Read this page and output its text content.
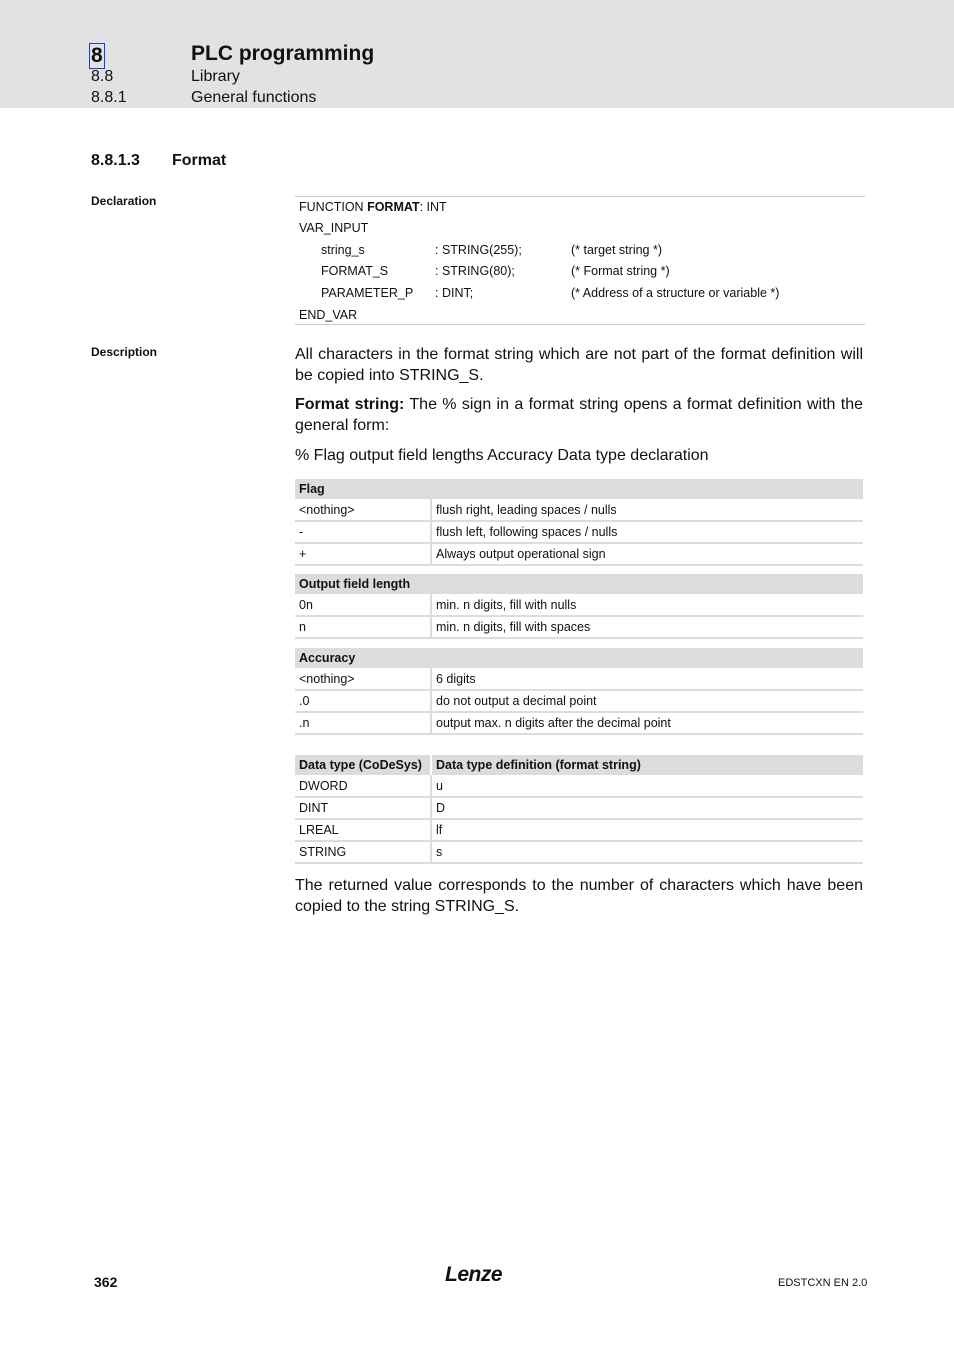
8	PLC programming
8.8	Library
8.8.1	General functions
8.8.1.3 Format
Declaration	FUNCTION FORMAT: INT
VAR_INPUT
string_s	: STRING(255);	(* target string *)
FORMAT_S	: STRING(80);	(* Format string *)
PARAMETER_P : DINT;	(* Address of a structure or variable *)
END_VAR
Description	All characters in the format string which are not part of the format definition will be copied into STRING_S.
Format string: The % sign in a format string opens a format definition with the general form:
% Flag output field lengths Accuracy Data type declaration
Flag	
<nothing>	flush right, leading spaces / nulls
-	flush left, following spaces / nulls
+	Always output operational sign
Output field length	
0n	min. n digits, fill with nulls
n	min. n digits, fill with spaces
Accuracy	
<nothing>	6 digits
.0	do not output a decimal point
.n	output max. n digits after the decimal point
Data type (CoDeSys)	Data type definition (format string)
DWORD	u
DINT	D
LREAL	lf
STRING	s
The returned value corresponds to the number of characters which have been copied to the string STRING_S.
362	Lenze	EDSTCXN EN 2.0
